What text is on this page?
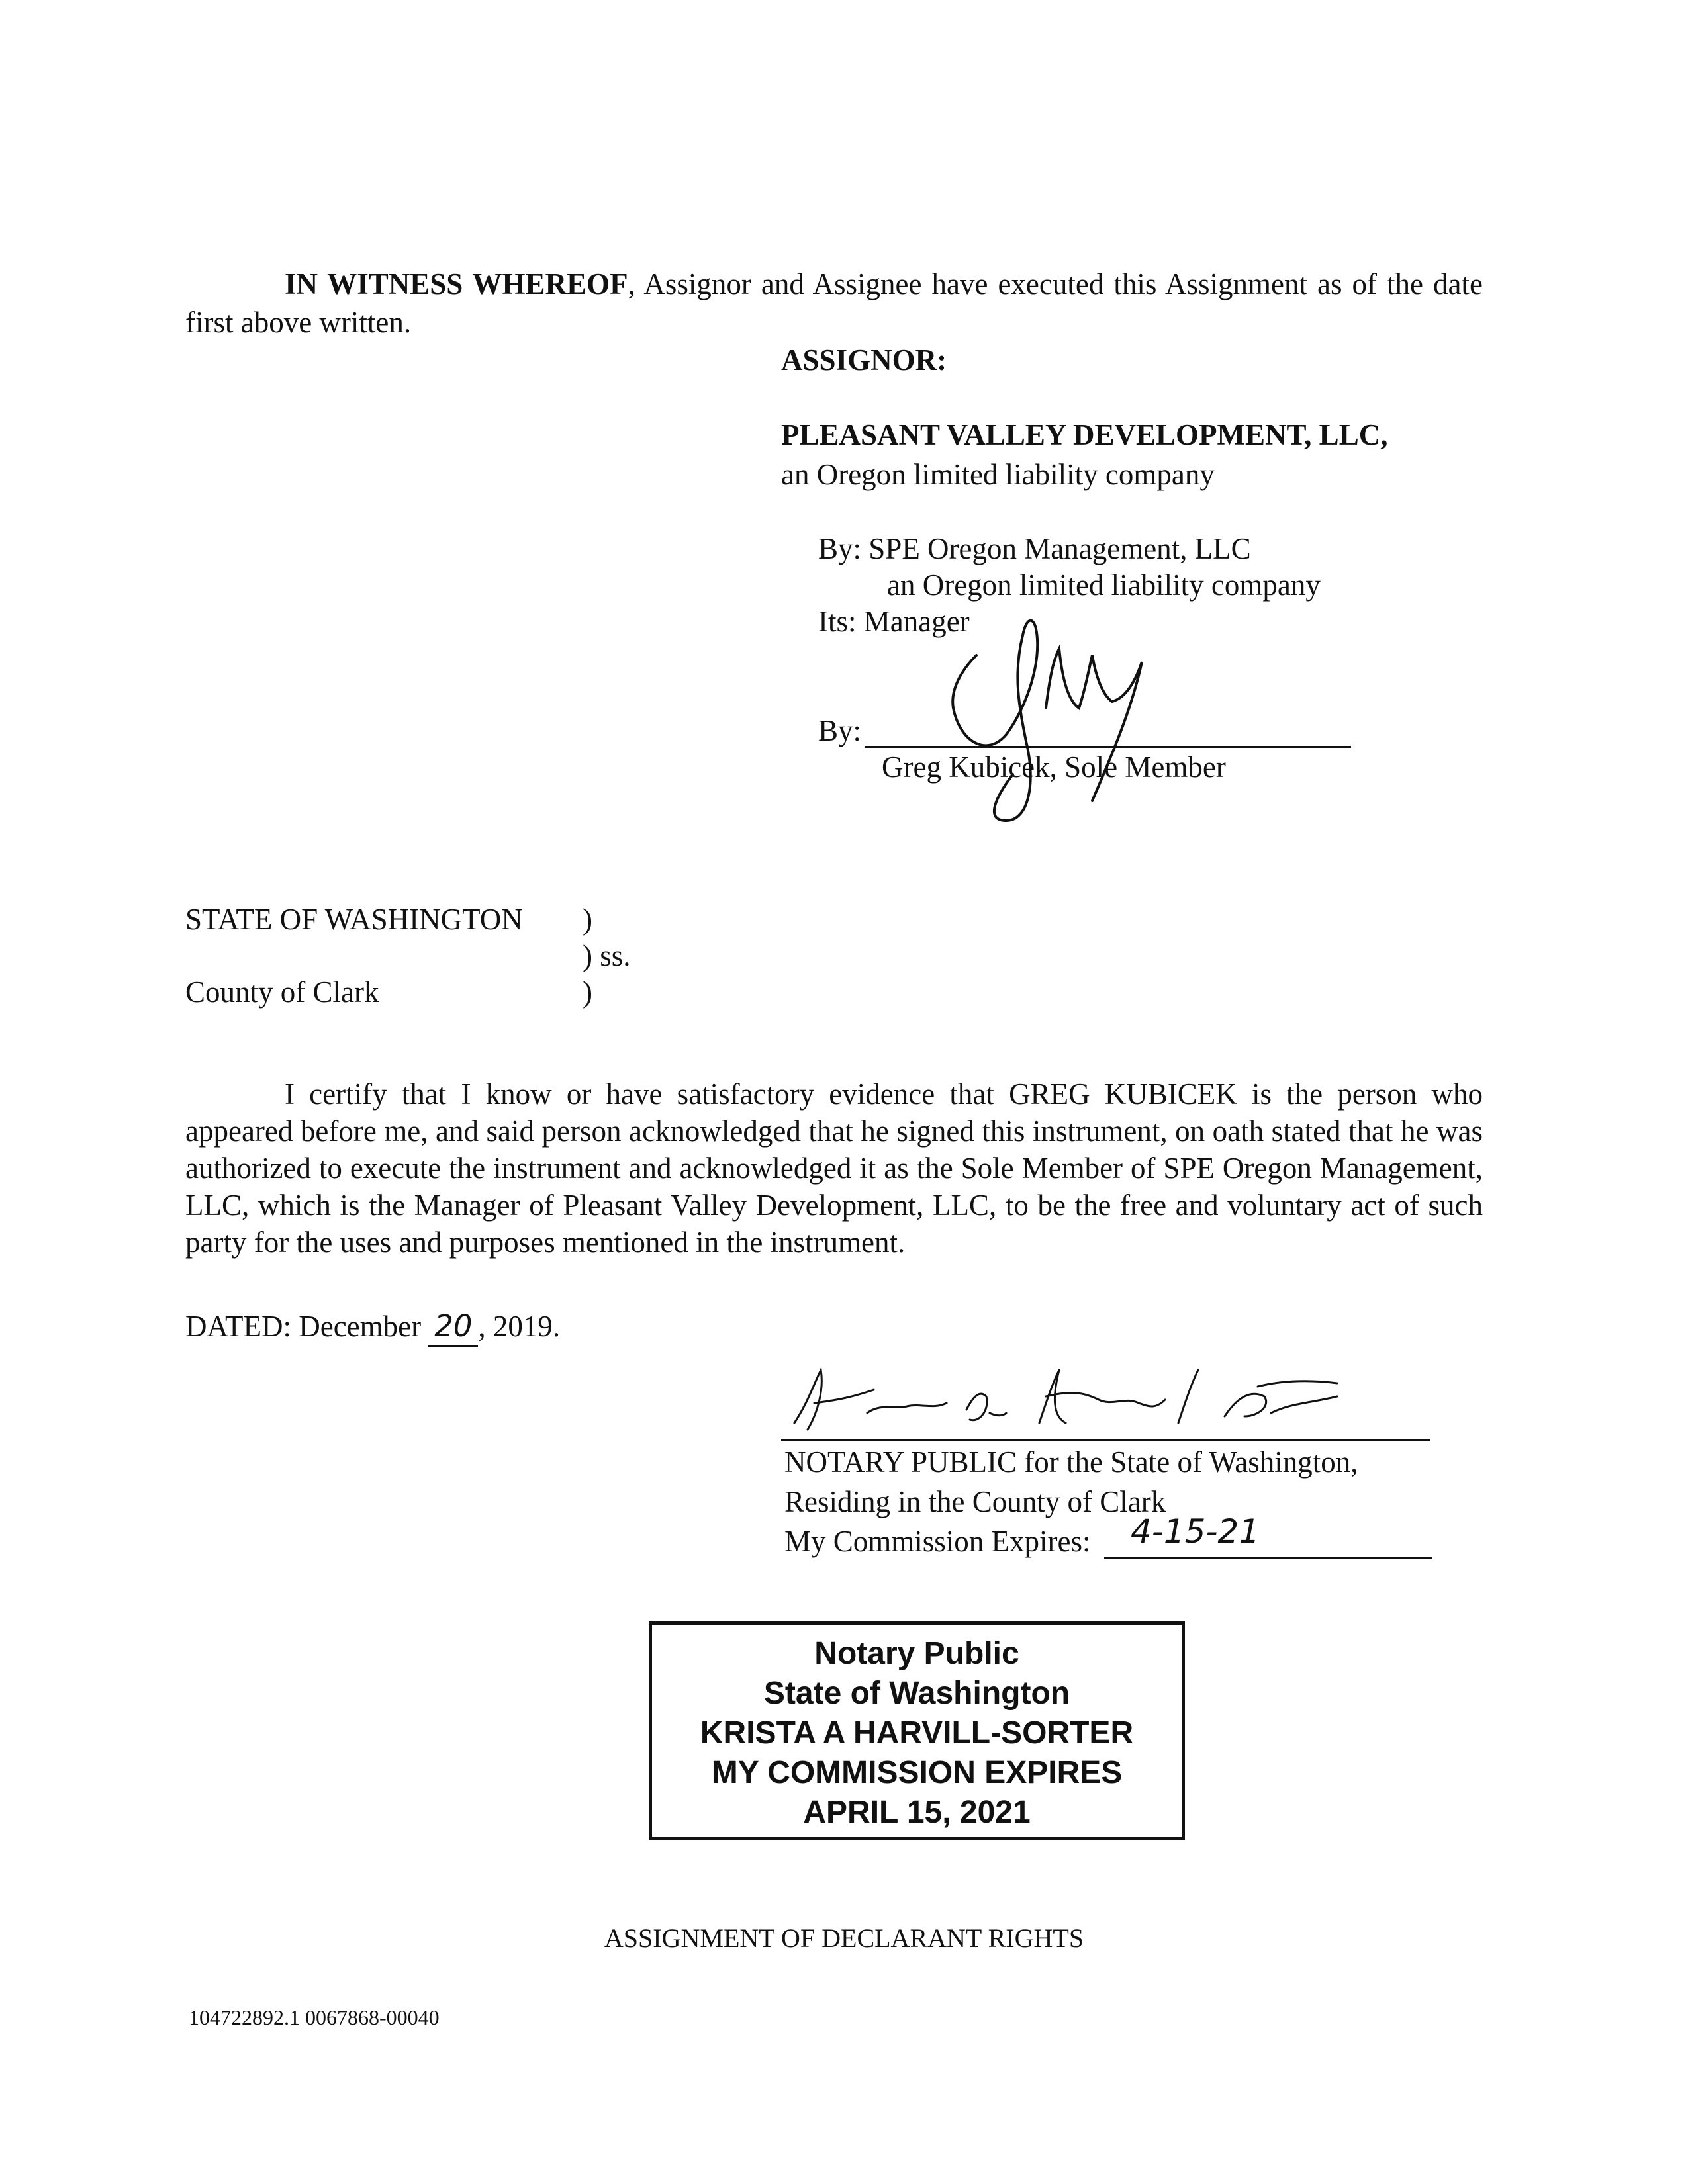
IN WITNESS WHEREOF, Assignor and Assignee have executed this Assignment as of the date first above written.
ASSIGNOR:
PLEASANT VALLEY DEVELOPMENT, LLC,
an Oregon limited liability company
By: SPE Oregon Management, LLC
an Oregon limited liability company
Its: Manager
By:
Greg Kubicek, Sole Member
STATE OF WASHINGTON )
) ss.
County of Clark	)
I certify that I know or have satisfactory evidence that GREG KUBICEK is the person who appeared before me, and said person acknowledged that he signed this instrument, on oath stated that he was authorized to execute the instrument and acknowledged it as the Sole Member of SPE Oregon Management, LLC, which is the Manager of Pleasant Valley Development, LLC, to be the free and voluntary act of such party for the uses and purposes mentioned in the instrument.
DATED: December 20 , 2019.
NOTARY PUBLIC for the State of Washington,
Residing in the County of Clark
My Commission Expires: 4-15-21
Notary Public
State of Washington
KRISTA A HARVILL-SORTER
MY COMMISSION EXPIRES
APRIL 15, 2021
ASSIGNMENT OF DECLARANT RIGHTS
104722892.1 0067868-00040
